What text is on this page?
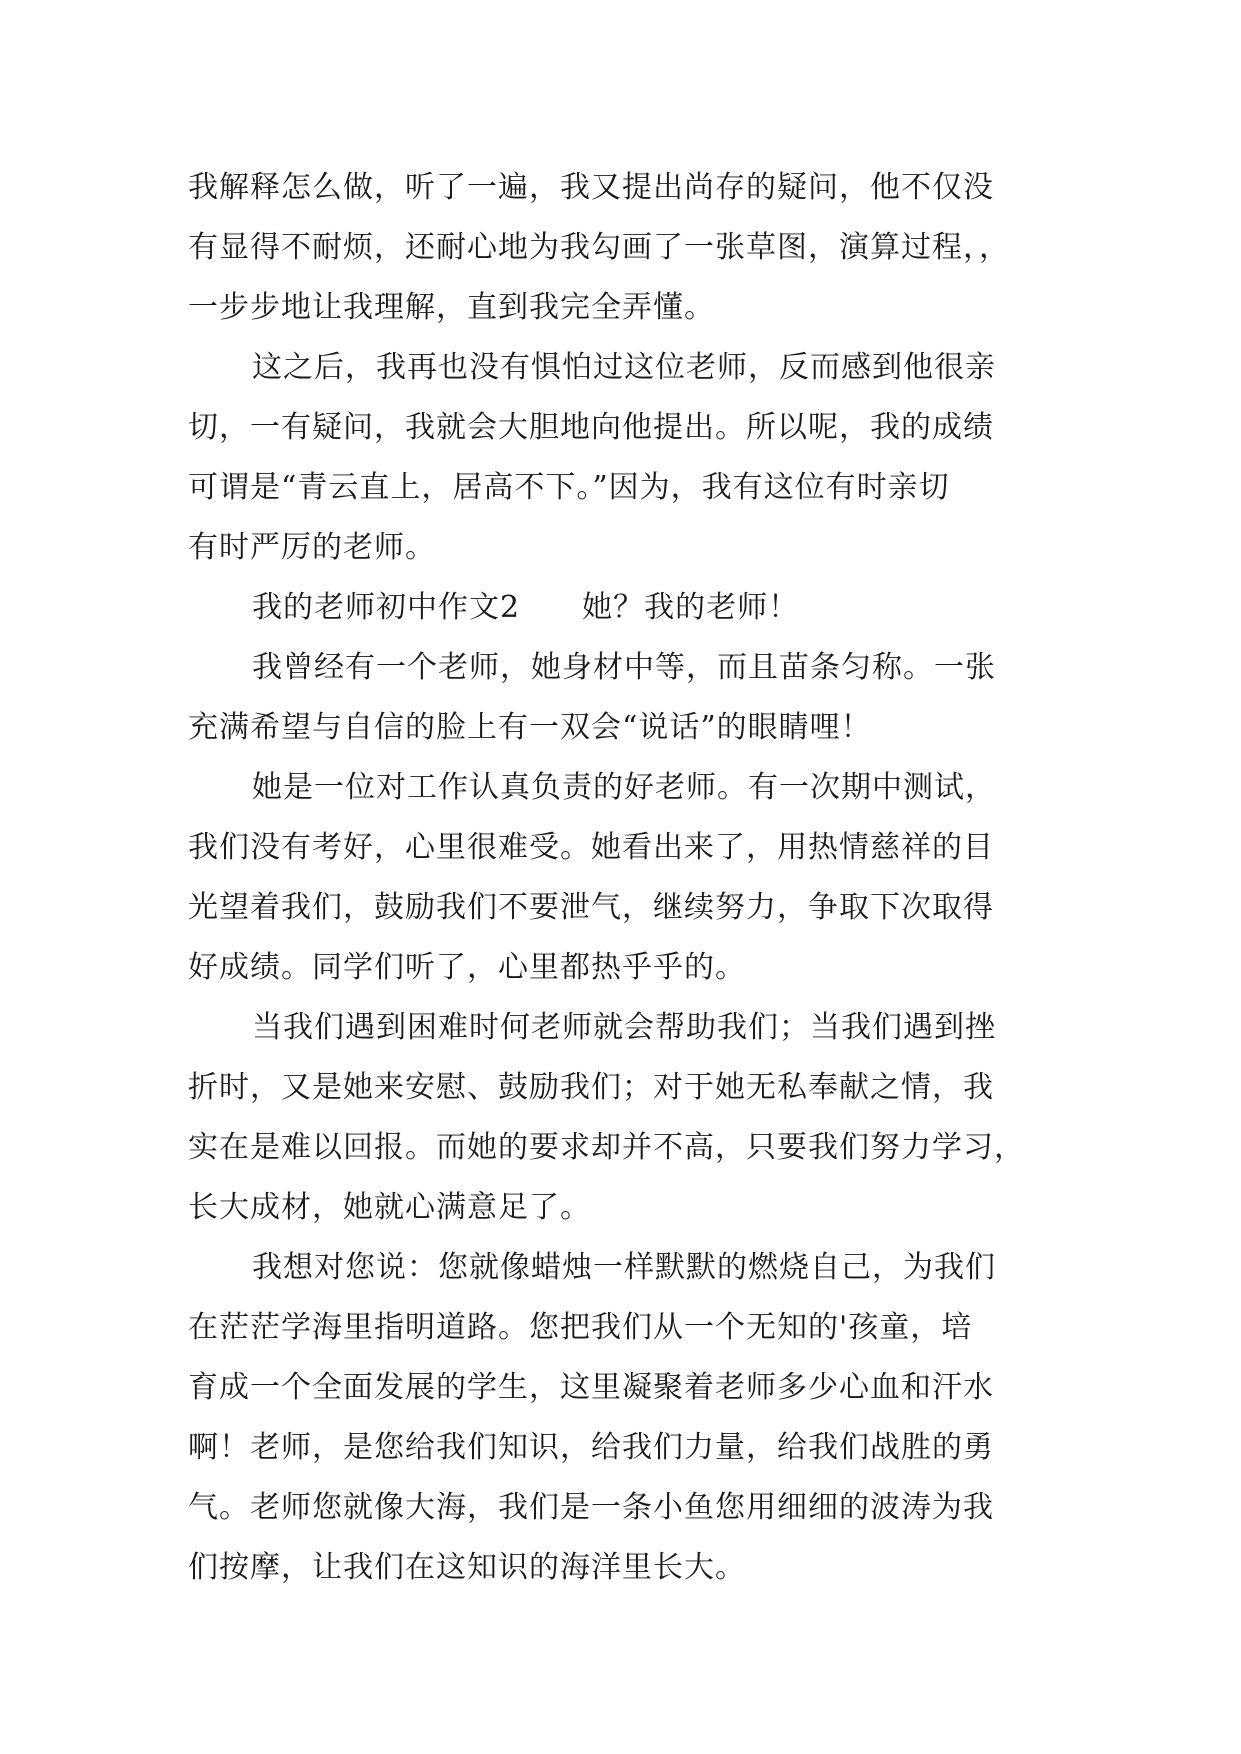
我解释怎么做，听了一遍，我又提出尚存的疑问，他不仅没
有显得不耐烦，还耐心地为我勾画了一张草图，演算过程，，
一步步地让我理解，直到我完全弄懂。
这之后，我再也没有惧怕过这位老师，反而感到他很亲
切，一有疑问，我就会大胆地向他提出。所以呢，我的成绩
可谓是“青云直上，居高不下。”因为，我有这位有时亲切
有时严厉的老师。
我的老师初中作文2　　她？我的老师！
我曾经有一个老师，她身材中等，而且苗条匀称。一张
充满希望与自信的脸上有一双会“说话”的眼睛哩！
她是一位对工作认真负责的好老师。有一次期中测试，
我们没有考好，心里很难受。她看出来了，用热情慈祥的目
光望着我们，鼓励我们不要泄气，继续努力，争取下次取得
好成绩。同学们听了，心里都热乎乎的。
当我们遇到困难时何老师就会帮助我们；当我们遇到挫
折时，又是她来安慰、鼓励我们；对于她无私奉献之情，我
实在是难以回报。而她的要求却并不高，只要我们努力学习，
长大成材，她就心满意足了。
我想对您说：您就像蜡烛一样默默的燃烧自己，为我们
在茫茫学海里指明道路。您把我们从一个无知的'孩童，培
育成一个全面发展的学生，这里凝聚着老师多少心血和汗水
啊！老师，是您给我们知识，给我们力量，给我们战胜的勇
气。老师您就像大海，我们是一条小鱼您用细细的波涛为我
们按摩，让我们在这知识的海洋里长大。
